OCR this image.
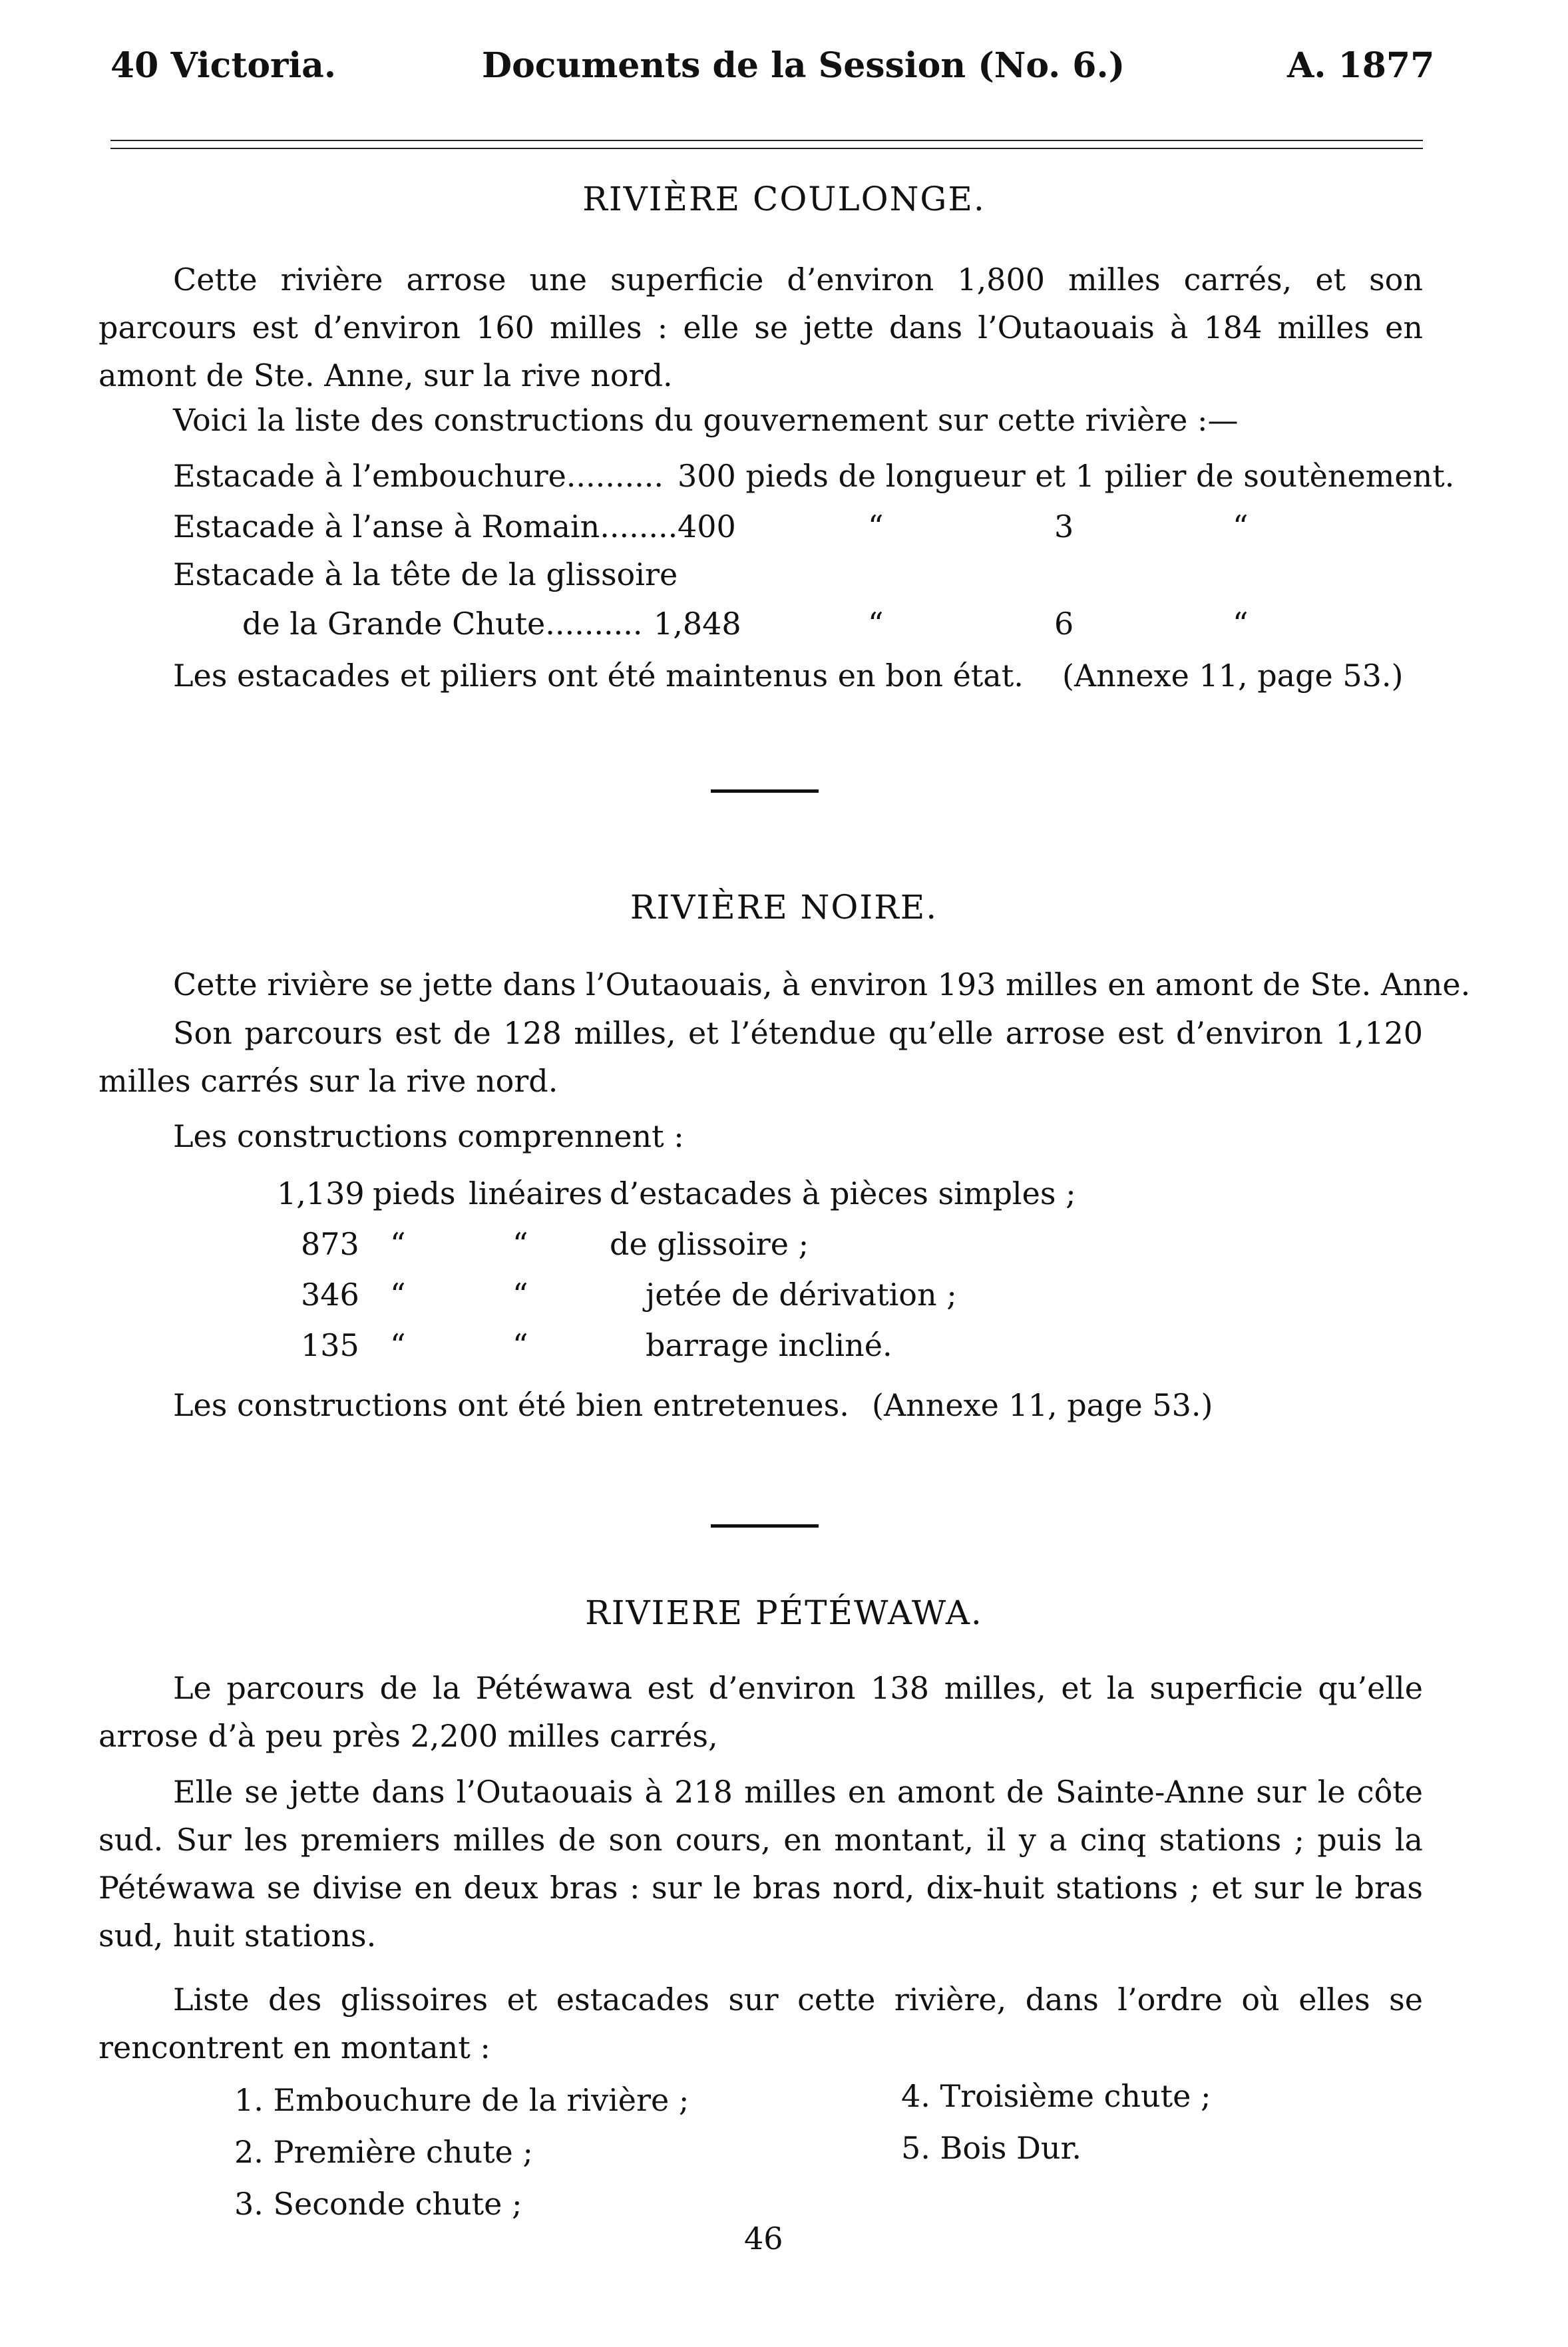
40 Victoria.	Documents de la Session (No. 6.)	A. 1877
RIVIÈRE COULONGE.
Cette rivière arrose une superficie d’environ 1,800 milles carrés, et son parcours est d’environ 160 milles : elle se jette dans l’Outaouais à 184 milles en amont de Ste. Anne, sur la rive nord.
Voici la liste des constructions du gouvernement sur cette rivière :—
Estacade à l’embouchure.......... 300 pieds de longueur et 1 pilier de soutènement.
Estacade à l’anse à Romain........ 400	“	3	“
Estacade à la tête de la glissoire
de la Grande Chute.......... 1,848	“	6	“
Les estacades et piliers ont été maintenus en bon état. (Annexe 11, page 53.)
RIVIÈRE NOIRE.
Cette rivière se jette dans l’Outaouais, à environ 193 milles en amont de Ste. Anne.
Son parcours est de 128 milles, et l’étendue qu’elle arrose est d’environ 1,120 milles carrés sur la rive nord.
Les constructions comprennent :
1,139 pieds linéaires d’estacades à pièces simples ;
873 “	“	de glissoire ;
346 “	“	jetée de dérivation ;
135 “	“	barrage incliné.
Les constructions ont été bien entretenues. (Annexe 11, page 53.)
RIVIERE PÉTÉWAWA.
Le parcours de la Pétéwawa est d’environ 138 milles, et la superficie qu’elle arrose d’à peu près 2,200 milles carrés,
Elle se jette dans l’Outaouais à 218 milles en amont de Sainte-Anne sur le côte sud. Sur les premiers milles de son cours, en montant, il y a cinq stations ; puis la Pétéwawa se divise en deux bras : sur le bras nord, dix-huit stations ; et sur le bras sud, huit stations.
Liste des glissoires et estacades sur cette rivière, dans l’ordre où elles se rencontrent en montant :
1. Embouchure de la rivière ;
2. Première chute ;
3. Seconde chute ;
4. Troisième chute ;
5. Bois Dur.
46
